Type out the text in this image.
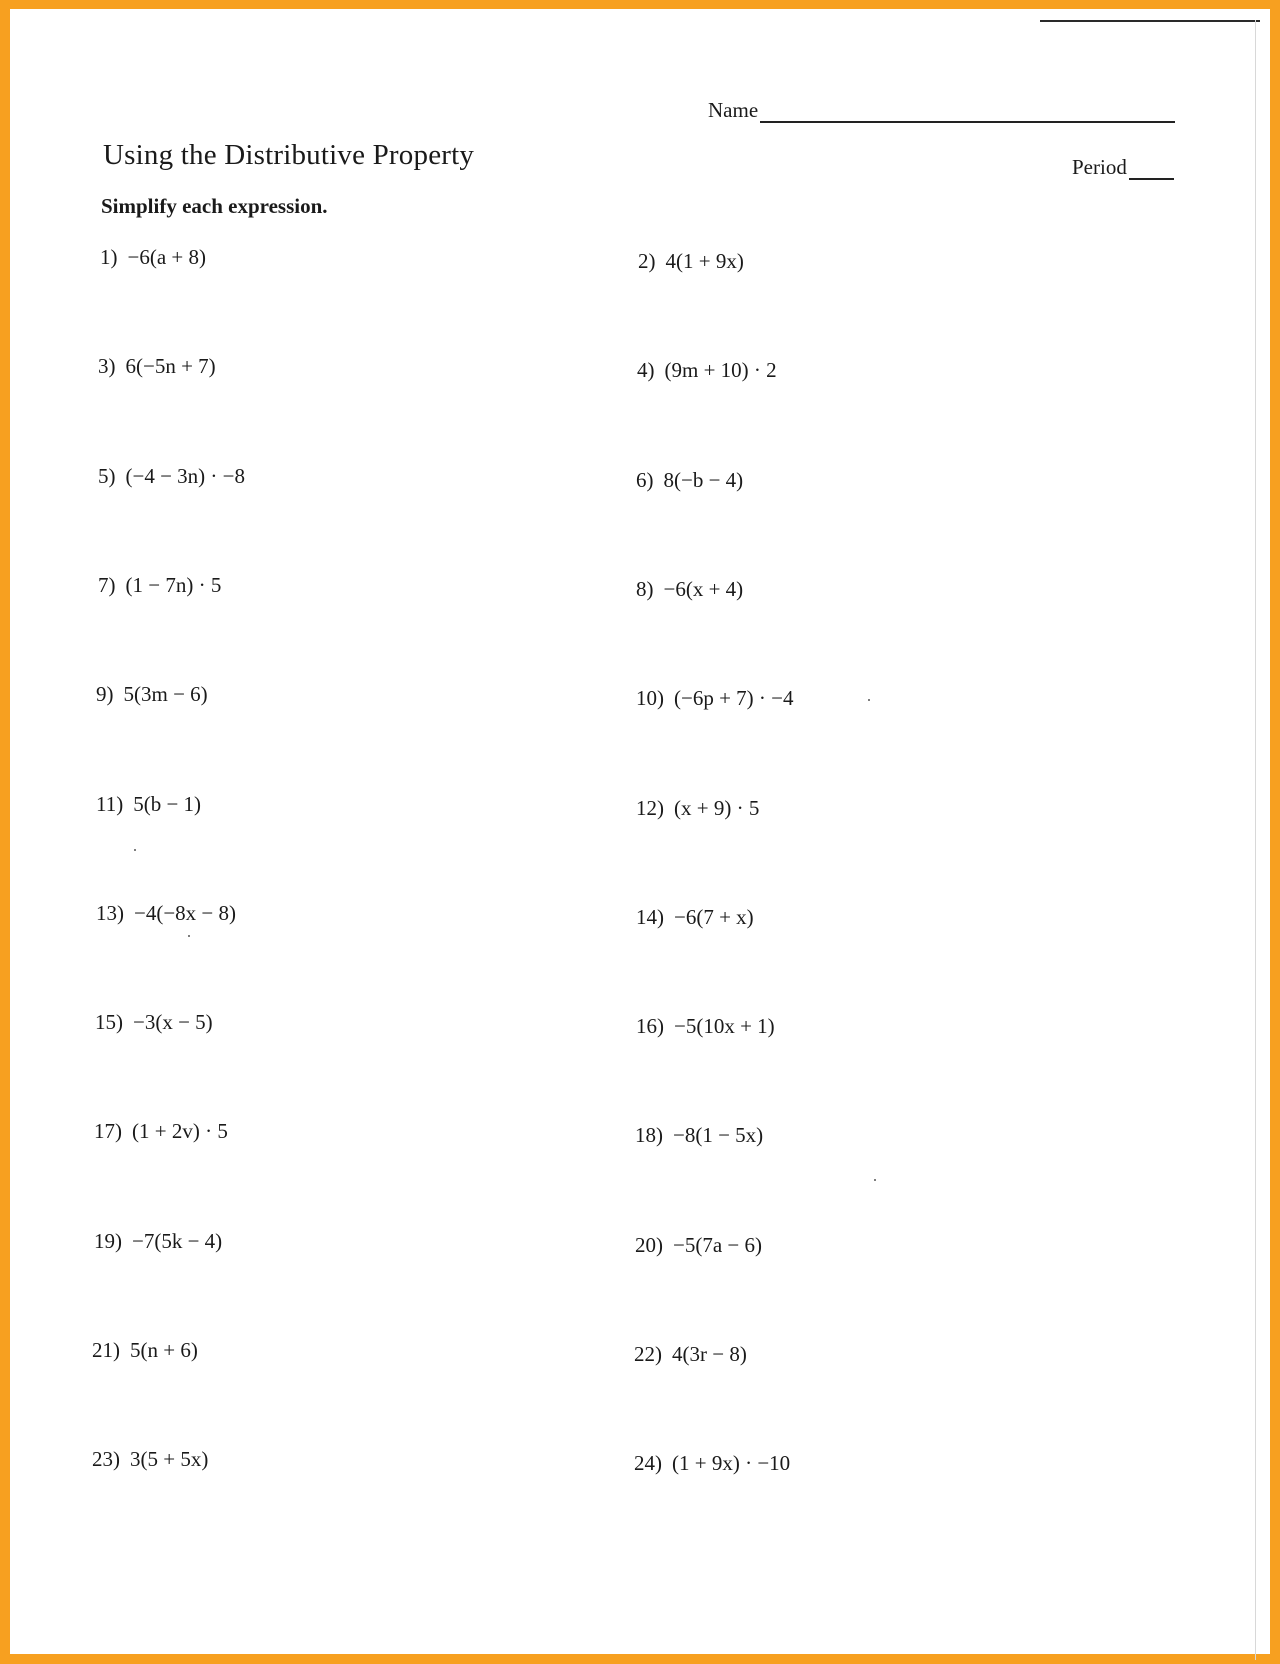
Name
Using the Distributive Property	Period

Simplify each expression.

1) −6(a + 8)	2) 4(1 + 9x)
3) 6(−5n + 7)	4) (9m + 10) · 2
5) (−4 − 3n) · −8	6) 8(−b − 4)
7) (1 − 7n) · 5	8) −6(x + 4)
9) 5(3m − 6)	10) (−6p + 7) · −4
11) 5(b − 1)	12) (x + 9) · 5
13) −4(−8x − 8)	14) −6(7 + x)
15) −3(x − 5)	16) −5(10x + 1)
17) (1 + 2v) · 5	18) −8(1 − 5x)
19) −7(5k − 4)	20) −5(7a − 6)
21) 5(n + 6)	22) 4(3r − 8)
23) 3(5 + 5x)	24) (1 + 9x) · −10
